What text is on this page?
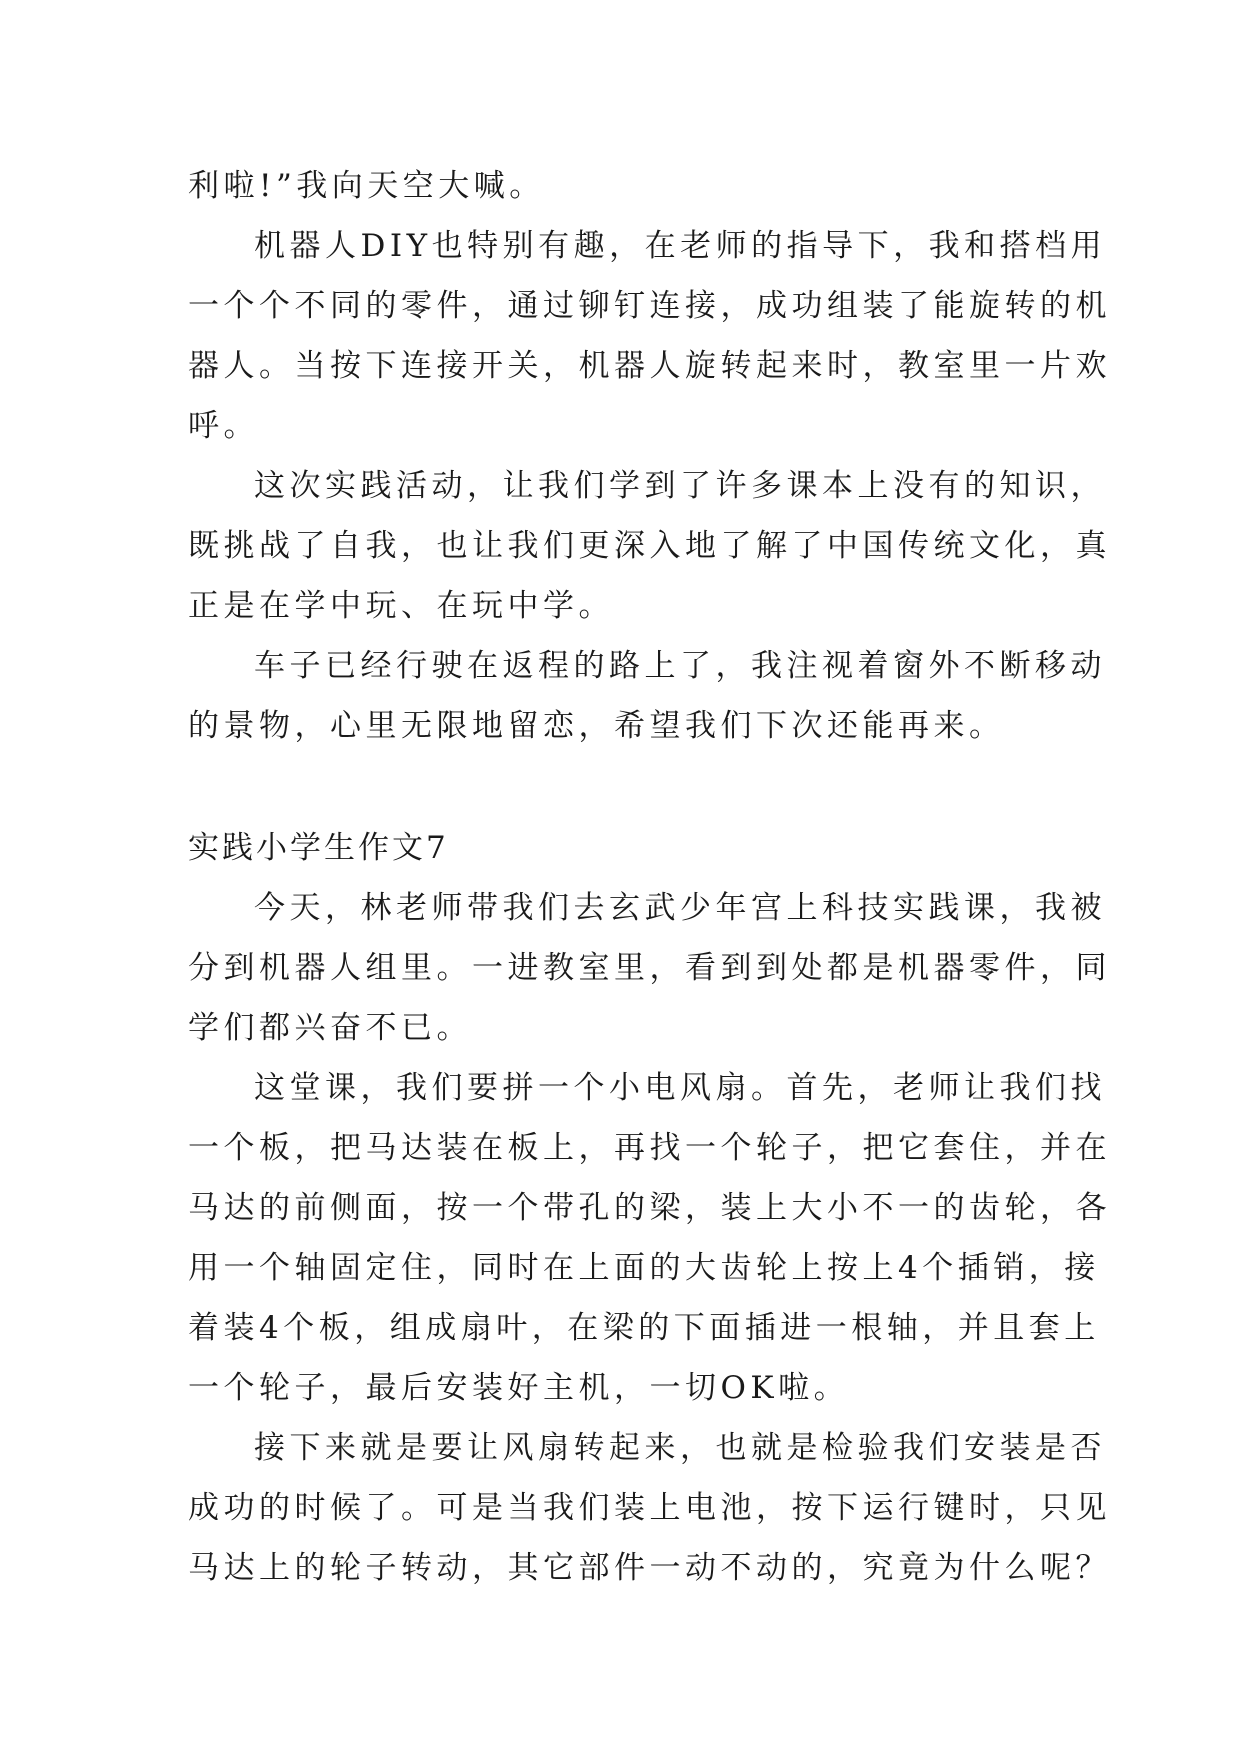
利啦!”我向天空大喊。
机器人DIY也特别有趣，在老师的指导下，我和搭档用
一个个不同的零件，通过铆钉连接，成功组装了能旋转的机
器人。当按下连接开关，机器人旋转起来时，教室里一片欢
呼。
这次实践活动，让我们学到了许多课本上没有的知识，
既挑战了自我，也让我们更深入地了解了中国传统文化，真
正是在学中玩、在玩中学。
车子已经行驶在返程的路上了，我注视着窗外不断移动
的景物，心里无限地留恋，希望我们下次还能再来。
实践小学生作文7
今天，林老师带我们去玄武少年宫上科技实践课，我被
分到机器人组里。一进教室里，看到到处都是机器零件，同
学们都兴奋不已。
这堂课，我们要拼一个小电风扇。首先，老师让我们找
一个板，把马达装在板上，再找一个轮子，把它套住，并在
马达的前侧面，按一个带孔的梁，装上大小不一的齿轮，各
用一个轴固定住，同时在上面的大齿轮上按上4个插销，接
着装4个板，组成扇叶，在梁的下面插进一根轴，并且套上
一个轮子，最后安装好主机，一切OK啦。
接下来就是要让风扇转起来，也就是检验我们安装是否
成功的时候了。可是当我们装上电池，按下运行键时，只见
马达上的轮子转动，其它部件一动不动的，究竟为什么呢？
